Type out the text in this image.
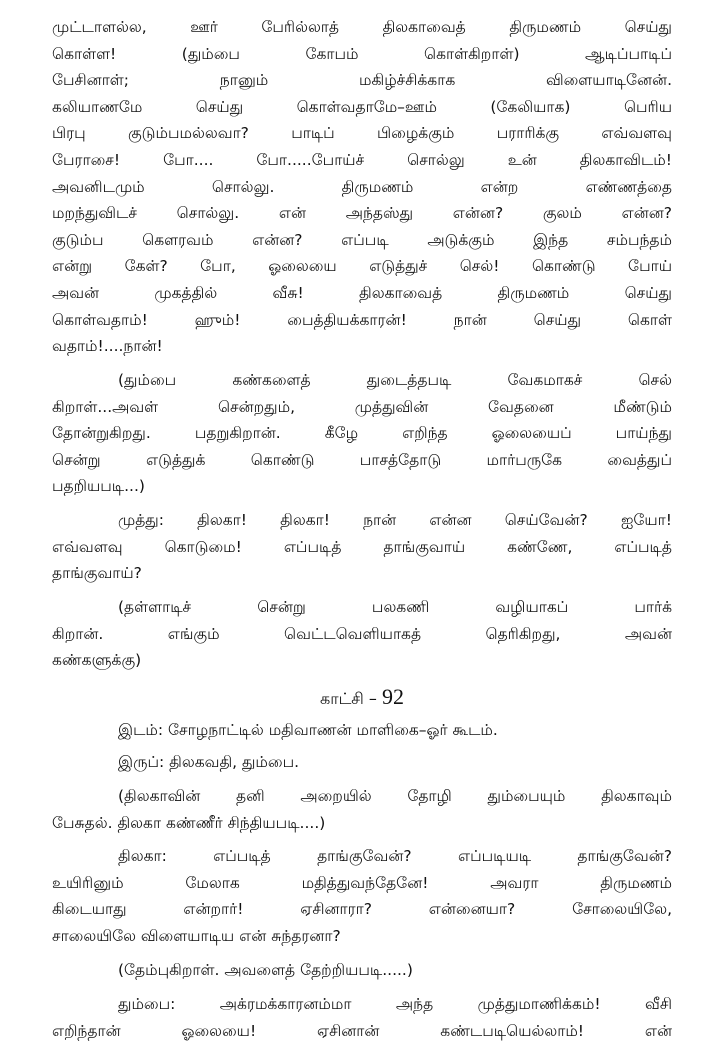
முட்டாளல்ல, ஊர் பேரில்லாத் திலகாவைத் திருமணம் செய்து
கொள்ள! (தும்பை கோபம் கொள்கிறாள்) ஆடிப்பாடிப்
பேசினாள்; நானும் மகிழ்ச்சிக்காக விளையாடினேன்.
கலியாணமே செய்து கொள்வதாமே–ஊம் (கேலியாக) பெரிய
பிரபு குடும்பமல்லவா? பாடிப் பிழைக்கும் பராரிக்கு எவ்வளவு
பேராசை! போ.... போ.....போய்ச் சொல்லு உன் திலகாவிடம்!
அவனிடமும் சொல்லு. திருமணம் என்ற எண்ணத்தை
மறந்துவிடச் சொல்லு. என் அந்தஸ்து என்ன? குலம் என்ன?
குடும்ப கௌரவம் என்ன? எப்படி அடுக்கும் இந்த சம்பந்தம்
என்று கேள்? போ, ஓலையை எடுத்துச் செல்! கொண்டு போய்
அவன் முகத்தில் வீசு! திலகாவைத் திருமணம் செய்து
கொள்வதாம்! ஹும்! பைத்தியக்காரன்! நான் செய்து கொள்
வதாம்!....நான்!
(தும்பை கண்களைத் துடைத்தபடி வேகமாகச் செல்
கிறாள்...அவள் சென்றதும், முத்துவின் வேதனை மீண்டும்
தோன்றுகிறது. பதறுகிறான். கீழே எறிந்த ஓலையைப் பாய்ந்து
சென்று எடுத்துக் கொண்டு பாசத்தோடு மார்பருகே வைத்துப்
பதறியபடி...)
முத்து: திலகா! திலகா! நான் என்ன செய்வேன்? ஐயோ!
எவ்வளவு கொடுமை! எப்படித் தாங்குவாய் கண்ணே, எப்படித்
தாங்குவாய்?
(தள்ளாடிச் சென்று பலகணி வழியாகப் பார்க்
கிறான். எங்கும் வெட்டவெளியாகத் தெரிகிறது, அவன்
கண்களுக்கு)
காட்சி – 92
இடம்: சோழநாட்டில் மதிவாணன் மாளிகை–ஓர் கூடம்.
இருப்: திலகவதி, தும்பை.
(திலகாவின் தனி அறையில் தோழி தும்பையும் திலகாவும்
பேசுதல். திலகா கண்ணீர் சிந்தியபடி....)
திலகா: எப்படித் தாங்குவேன்? எப்படியடி தாங்குவேன்?
உயிரினும் மேலாக மதித்துவந்தேனே! அவரா திருமணம்
கிடையாது என்றார்! ஏசினாரா? என்னையா? சோலையிலே,
சாலையிலே விளையாடிய என் சுந்தரனா?
(தேம்புகிறாள். அவளைத் தேற்றியபடி.....)
தும்பை: அக்ரமக்காரனம்மா அந்த முத்துமாணிக்கம்! வீசி
எறிந்தான் ஓலையை! ஏசினான் கண்டபடியெல்லாம்! என்
